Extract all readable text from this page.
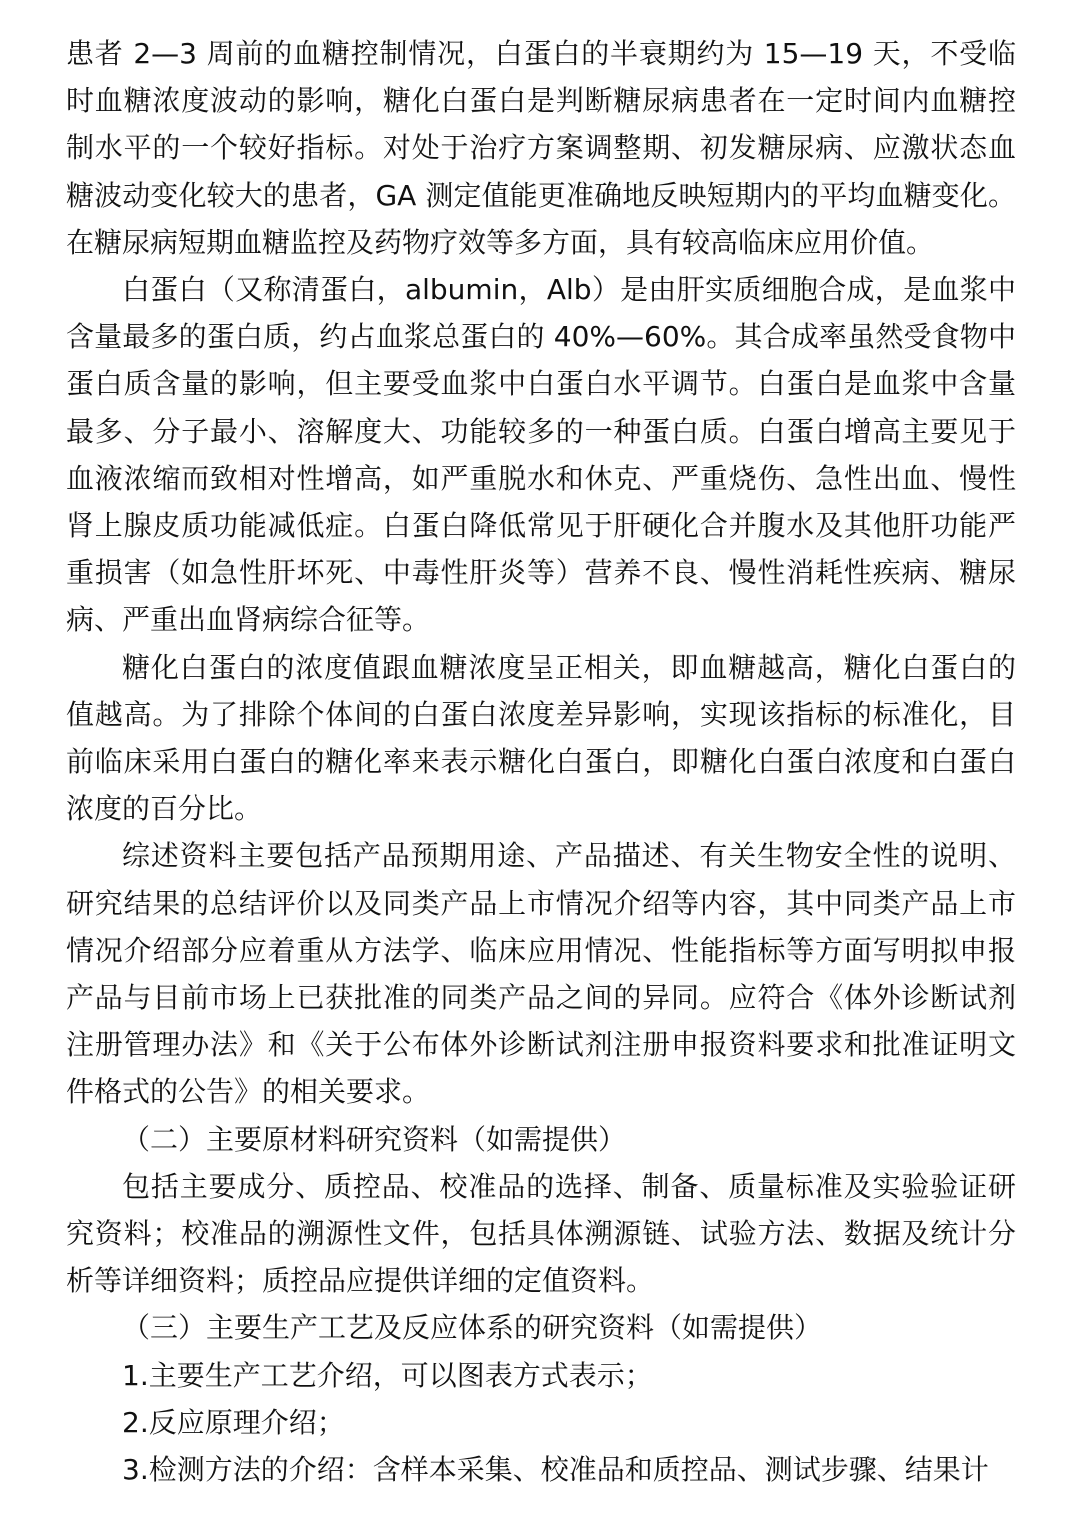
患者 2—3 周前的血糖控制情况，白蛋白的半衰期约为 15—19 天，不受临时血糖浓度波动的影响，糖化白蛋白是判断糖尿病患者在一定时间内血糖控制水平的一个较好指标。对处于治疗方案调整期、初发糖尿病、应激状态血糖波动变化较大的患者，GA 测定值能更准确地反映短期内的平均血糖变化。在糖尿病短期血糖监控及药物疗效等多方面，具有较高临床应用价值。

白蛋白（又称清蛋白，albumin，Alb）是由肝实质细胞合成，是血浆中含量最多的蛋白质，约占血浆总蛋白的 40%—60%。其合成率虽然受食物中蛋白质含量的影响，但主要受血浆中白蛋白水平调节。白蛋白是血浆中含量最多、分子最小、溶解度大、功能较多的一种蛋白质。白蛋白增高主要见于血液浓缩而致相对性增高，如严重脱水和休克、严重烧伤、急性出血、慢性肾上腺皮质功能减低症。白蛋白降低常见于肝硬化合并腹水及其他肝功能严重损害（如急性肝坏死、中毒性肝炎等）营养不良、慢性消耗性疾病、糖尿病、严重出血肾病综合征等。

糖化白蛋白的浓度值跟血糖浓度呈正相关，即血糖越高，糖化白蛋白的值越高。为了排除个体间的白蛋白浓度差异影响，实现该指标的标准化，目前临床采用白蛋白的糖化率来表示糖化白蛋白，即糖化白蛋白浓度和白蛋白浓度的百分比。

综述资料主要包括产品预期用途、产品描述、有关生物安全性的说明、研究结果的总结评价以及同类产品上市情况介绍等内容，其中同类产品上市情况介绍部分应着重从方法学、临床应用情况、性能指标等方面写明拟申报产品与目前市场上已获批准的同类产品之间的异同。应符合《体外诊断试剂注册管理办法》和《关于公布体外诊断试剂注册申报资料要求和批准证明文件格式的公告》的相关要求。

（二）主要原材料研究资料（如需提供）

包括主要成分、质控品、校准品的选择、制备、质量标准及实验验证研究资料；校准品的溯源性文件，包括具体溯源链、试验方法、数据及统计分析等详细资料；质控品应提供详细的定值资料。

（三）主要生产工艺及反应体系的研究资料（如需提供）

1.主要生产工艺介绍，可以图表方式表示；

2.反应原理介绍；

3.检测方法的介绍：含样本采集、校准品和质控品、测试步骤、结果计
